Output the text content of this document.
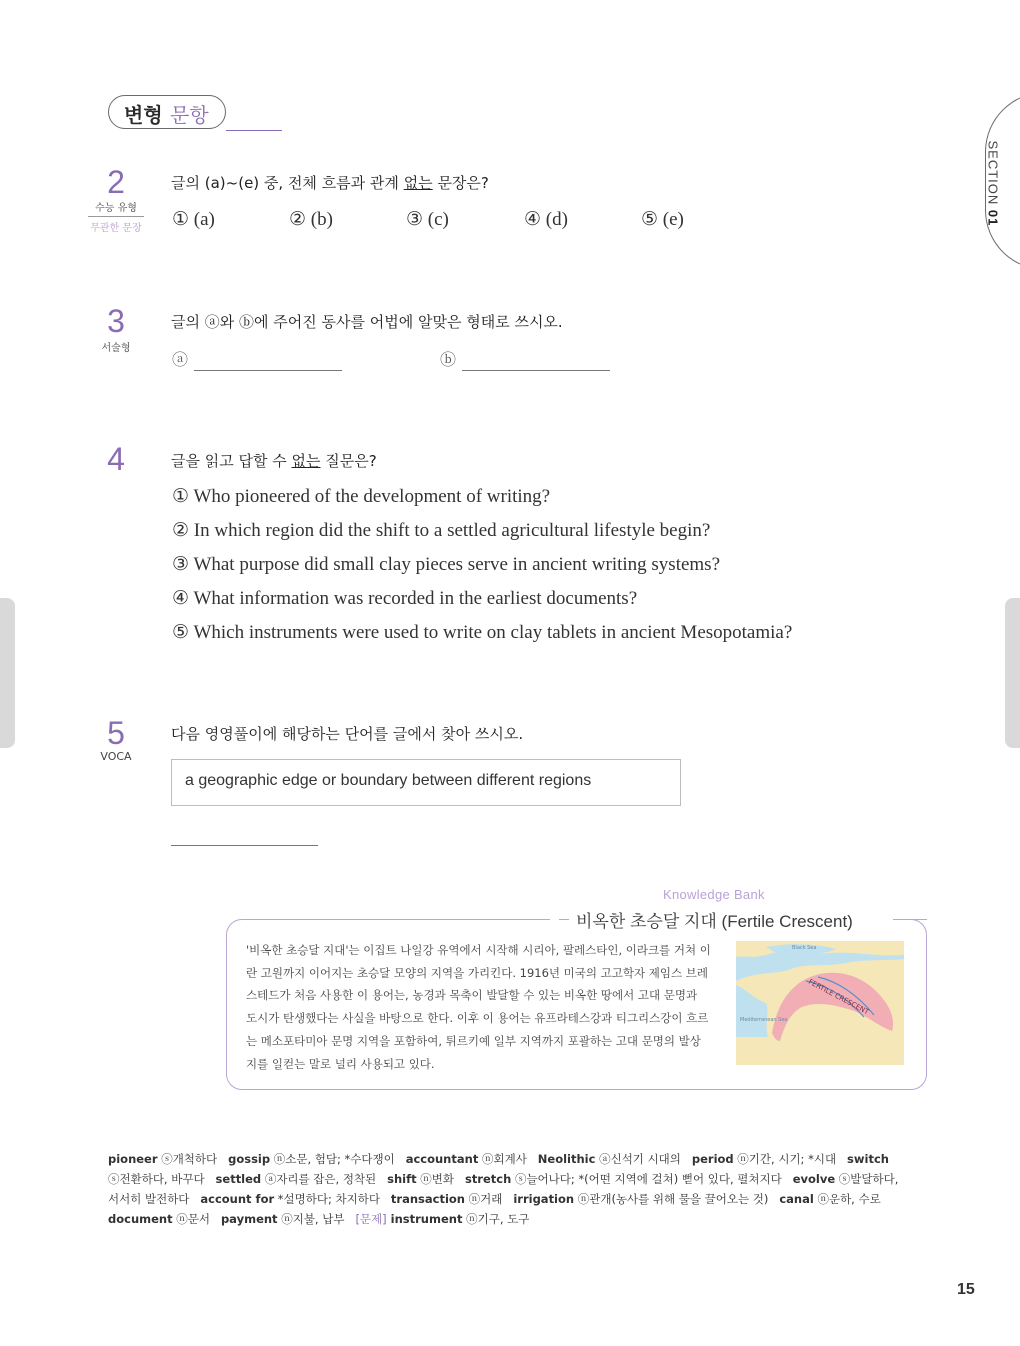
변형 문항
SECTION 01
2
수능 유형
무관한 문장
글의 (a)~(e) 중, 전체 흐름과 관계 없는 문장은?
① (a)	② (b)	③ (c)	④ (d)	⑤ (e)
3
서술형
글의 ⓐ와 ⓑ에 주어진 동사를 어법에 알맞은 형태로 쓰시오.
ⓐ	ⓑ
4	글을 읽고 답할 수 없는 질문은?
① Who pioneered of the development of writing?
② In which region did the shift to a settled agricultural lifestyle begin?
③ What purpose did small clay pieces serve in ancient writing systems?
④ What information was recorded in the earliest documents?
⑤ Which instruments were used to write on clay tablets in ancient Mesopotamia?
5
VOCA
다음 영영풀이에 해당하는 단어를 글에서 찾아 쓰시오.
a geographic edge or boundary between different regions
Knowledge Bank
비옥한 초승달 지대 (Fertile Crescent)
'비옥한 초승달 지대'는 이집트 나일강 유역에서 시작해 시리아, 팔레스타인, 이라크를 거쳐 이
란 고원까지 이어지는 초승달 모양의 지역을 가리킨다. 1916년 미국의 고고학자 제임스 브레
스테드가 처음 사용한 이 용어는, 농경과 목축이 발달할 수 있는 비옥한 땅에서 고대 문명과
도시가 탄생했다는 사실을 바탕으로 한다. 이후 이 용어는 유프라테스강과 티그리스강이 흐르
는 메소포타미아 문명 지역을 포함하여, 튀르키예 일부 지역까지 포괄하는 고대 문명의 발상
지를 일컫는 말로 널리 사용되고 있다.
FERTILE CRESCENT
Black Sea
Mediterranean Sea
pioneer ⓢ개척하다   gossip ⓝ소문, 험담; *수다쟁이   accountant ⓝ회계사   Neolithic ⓐ신석기 시대의   period ⓝ기간, 시기; *시대   switch
ⓢ전환하다, 바꾸다   settled ⓐ자리를 잡은, 정착된   shift ⓝ변화   stretch ⓢ늘어나다; *(어떤 지역에 걸쳐) 뻗어 있다, 펼쳐지다   evolve ⓢ발달하다,
서서히 발전하다   account for *설명하다; 차지하다   transaction ⓝ거래   irrigation ⓝ관개(농사를 위해 물을 끌어오는 것)   canal ⓝ운하, 수로
document ⓝ문서   payment ⓝ지불, 납부   [문제] instrument ⓝ기구, 도구
15
